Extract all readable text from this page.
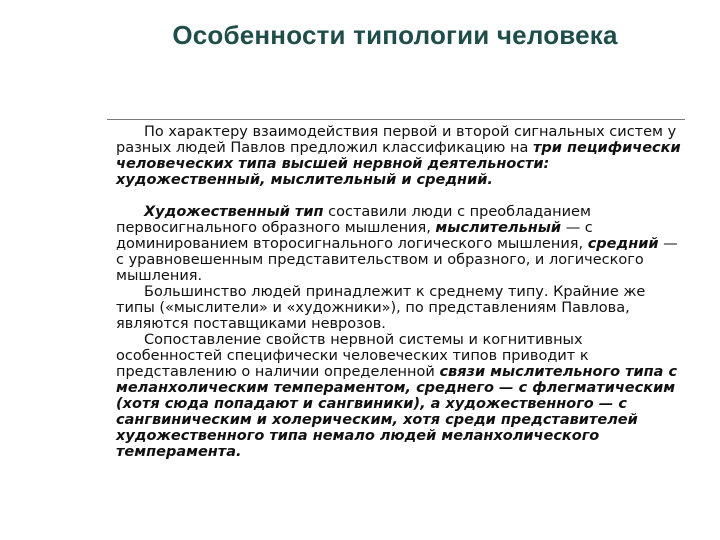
Особенности типологии человека

По характеру взаимодействия первой и второй сигнальных систем у разных людей Павлов предложил классификацию на три пецифически человеческих типа высшей нервной деятельности: художественный, мыслительный и средний.

Художественный тип составили люди с преобладанием первосигнального образного мышления, мыслительный — с доминированием второсигнального логического мышления, средний — с уравновешенным представительством и образного, и логического мышления.

Большинство людей принадлежит к среднему типу. Крайние же типы («мыслители» и «художники»), по представлениям Павлова, являются поставщиками неврозов.

Сопоставление свойств нервной системы и когнитивных особенностей специфически человеческих типов приводит к представлению о наличии определенной связи мыслительного типа с меланхолическим темпераментом, среднего — с флегматическим (хотя сюда попадают и сангвиники), а художественного — с сангвиническим и холерическим, хотя среди представителей художественного типа немало людей меланхолического темперамента.
